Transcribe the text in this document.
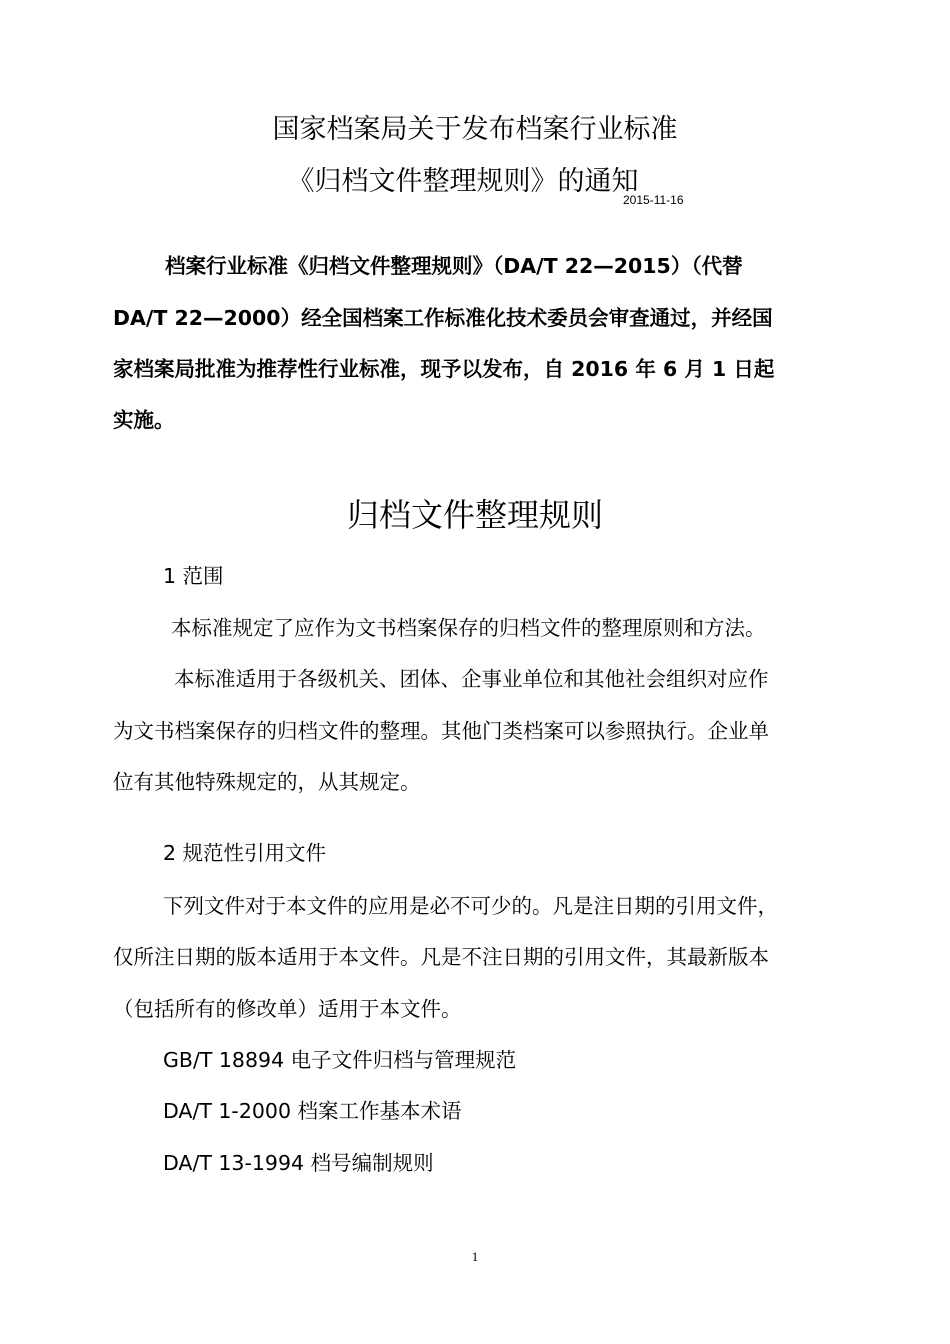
国家档案局关于发布档案行业标准
《归档文件整理规则》的通知
2015-11-16
档案行业标准《归档文件整理规则》（DA/T 22—2015）（代替
DA/T 22—2000）经全国档案工作标准化技术委员会审查通过，并经国
家档案局批准为推荐性行业标准，现予以发布，自 2016 年 6 月 1 日起
实施。
归档文件整理规则
1 范围
本标准规定了应作为文书档案保存的归档文件的整理原则和方法。
本标准适用于各级机关、团体、企事业单位和其他社会组织对应作
为文书档案保存的归档文件的整理。其他门类档案可以参照执行。企业单
位有其他特殊规定的，从其规定。
2 规范性引用文件
下列文件对于本文件的应用是必不可少的。凡是注日期的引用文件，
仅所注日期的版本适用于本文件。凡是不注日期的引用文件，其最新版本
（包括所有的修改单）适用于本文件。
GB/T 18894 电子文件归档与管理规范
DA/T 1-2000 档案工作基本术语
DA/T 13-1994 档号编制规则
1
